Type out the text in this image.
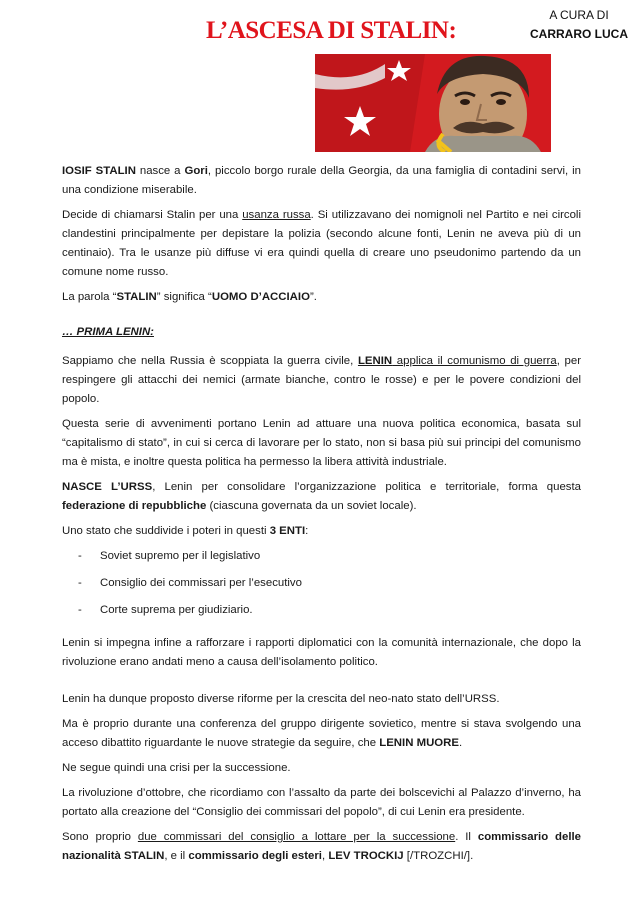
L’ASCESA DI STALIN:
A CURA DI
CARRARO LUCA

IOSIF STALIN nasce a Gori, piccolo borgo rurale della Georgia, da una famiglia di contadini servi, in una condizione miserabile.

Decide di chiamarsi Stalin per una usanza russa. Si utilizzavano dei nomignoli nel Partito e nei circoli clandestini principalmente per depistare la polizia (secondo alcune fonti, Lenin ne aveva più di un centinaio). Tra le usanze più diffuse vi era quindi quella di creare uno pseudonimo partendo da un comune nome russo.

La parola “STALIN” significa “UOMO D’ACCIAIO”.

… PRIMA LENIN:

Sappiamo che nella Russia è scoppiata la guerra civile, LENIN applica il comunismo di guerra, per respingere gli attacchi dei nemici (armate bianche, contro le rosse) e per le povere condizioni del popolo.

Questa serie di avvenimenti portano Lenin ad attuare una nuova politica economica, basata sul “capitalismo di stato”, in cui si cerca di lavorare per lo stato, non si basa più sui principi del comunismo ma è mista, e inoltre questa politica ha permesso la libera attività industriale.

NASCE L’URSS, Lenin per consolidare l’organizzazione politica e territoriale, forma questa federazione di repubbliche (ciascuna governata da un soviet locale).

Uno stato che suddivide i poteri in questi 3 ENTI:

- Soviet supremo per il legislativo
- Consiglio dei commissari per l’esecutivo
- Corte suprema per giudiziario.

Lenin si impegna infine a rafforzare i rapporti diplomatici con la comunità internazionale, che dopo la rivoluzione erano andati meno a causa dell’isolamento politico.

Lenin ha dunque proposto diverse riforme per la crescita del neo-nato stato dell’URSS.

Ma è proprio durante una conferenza del gruppo dirigente sovietico, mentre si stava svolgendo una acceso dibattito riguardante le nuove strategie da seguire, che LENIN MUORE.

Ne segue quindi una crisi per la successione.

La rivoluzione d’ottobre, che ricordiamo con l’assalto da parte dei bolscevichi al Palazzo d’inverno, ha portato alla creazione del “Consiglio dei commissari del popolo”, di cui Lenin era presidente.

Sono proprio due commissari del consiglio a lottare per la successione. Il commissario delle nazionalità STALIN, e il commissario degli esteri, LEV TROCKIJ [/TROZCHI/].
